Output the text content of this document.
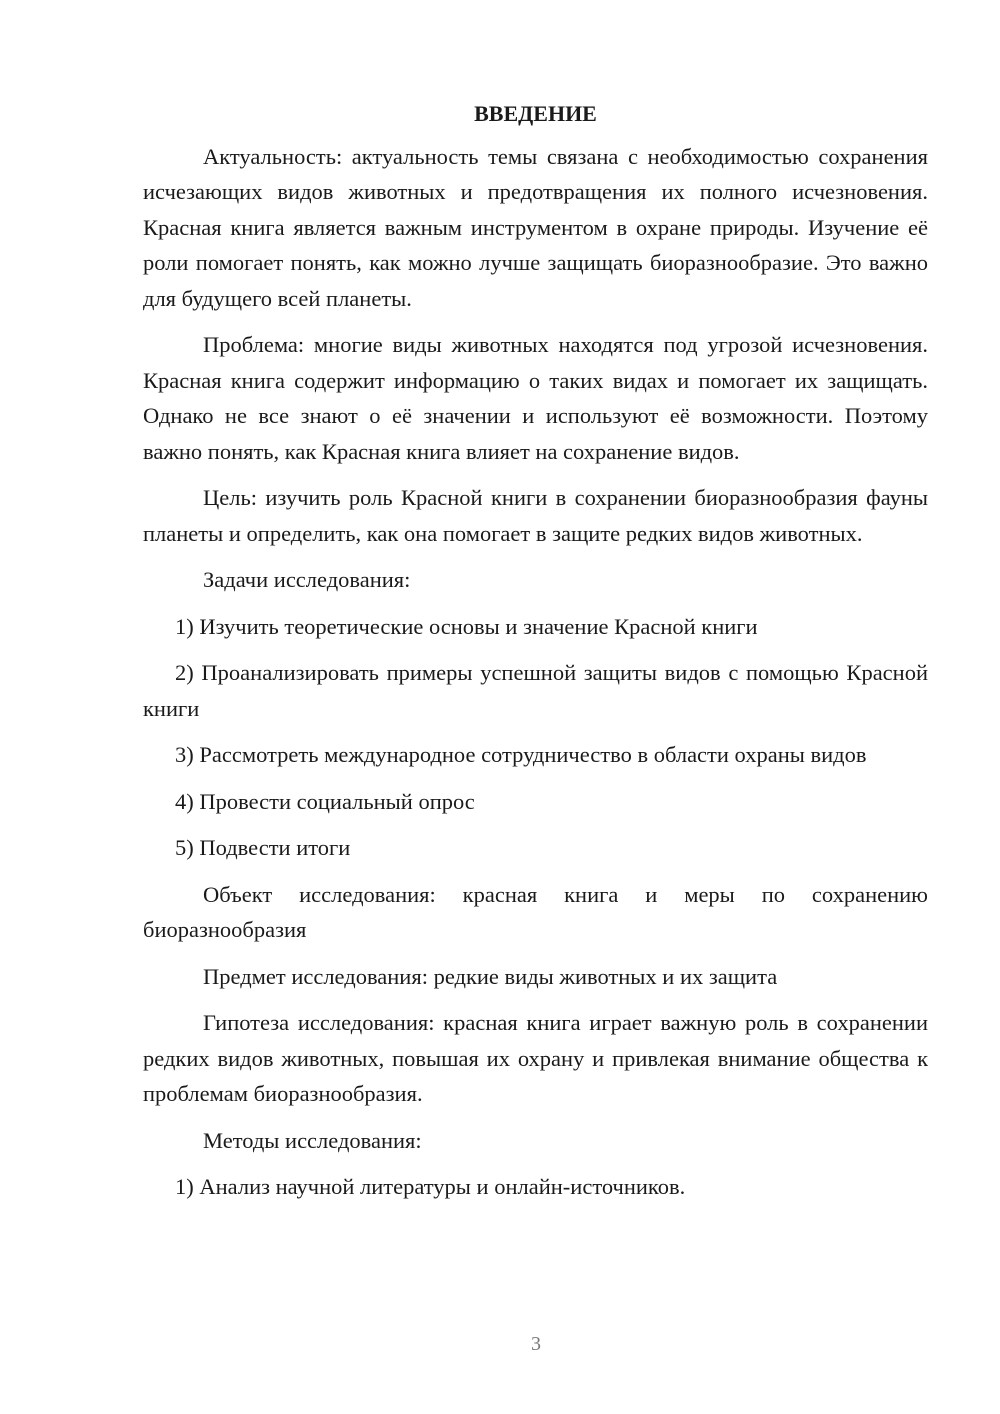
ВВЕДЕНИЕ

Актуальность: актуальность темы связана с необходимостью сохранения исчезающих видов животных и предотвращения их полного исчезновения. Красная книга является важным инструментом в охране природы. Изучение её роли помогает понять, как можно лучше защищать биоразнообразие. Это важно для будущего всей планеты.

Проблема: многие виды животных находятся под угрозой исчезновения. Красная книга содержит информацию о таких видах и помогает их защищать. Однако не все знают о её значении и используют её возможности. Поэтому важно понять, как Красная книга влияет на сохранение видов.

Цель: изучить роль Красной книги в сохранении биоразнообразия фауны планеты и определить, как она помогает в защите редких видов животных.

Задачи исследования:

1) Изучить теоретические основы и значение Красной книги

2) Проанализировать примеры успешной защиты видов с помощью Красной книги

3) Рассмотреть международное сотрудничество в области охраны видов

4) Провести социальный опрос

5) Подвести итоги

Объект исследования: красная книга и меры по сохранению биоразнообразия

Предмет исследования: редкие виды животных и их защита

Гипотеза исследования: красная книга играет важную роль в сохранении редких видов животных, повышая их охрану и привлекая внимание общества к проблемам биоразнообразия.

Методы исследования:

1) Анализ научной литературы и онлайн-источников.

3
